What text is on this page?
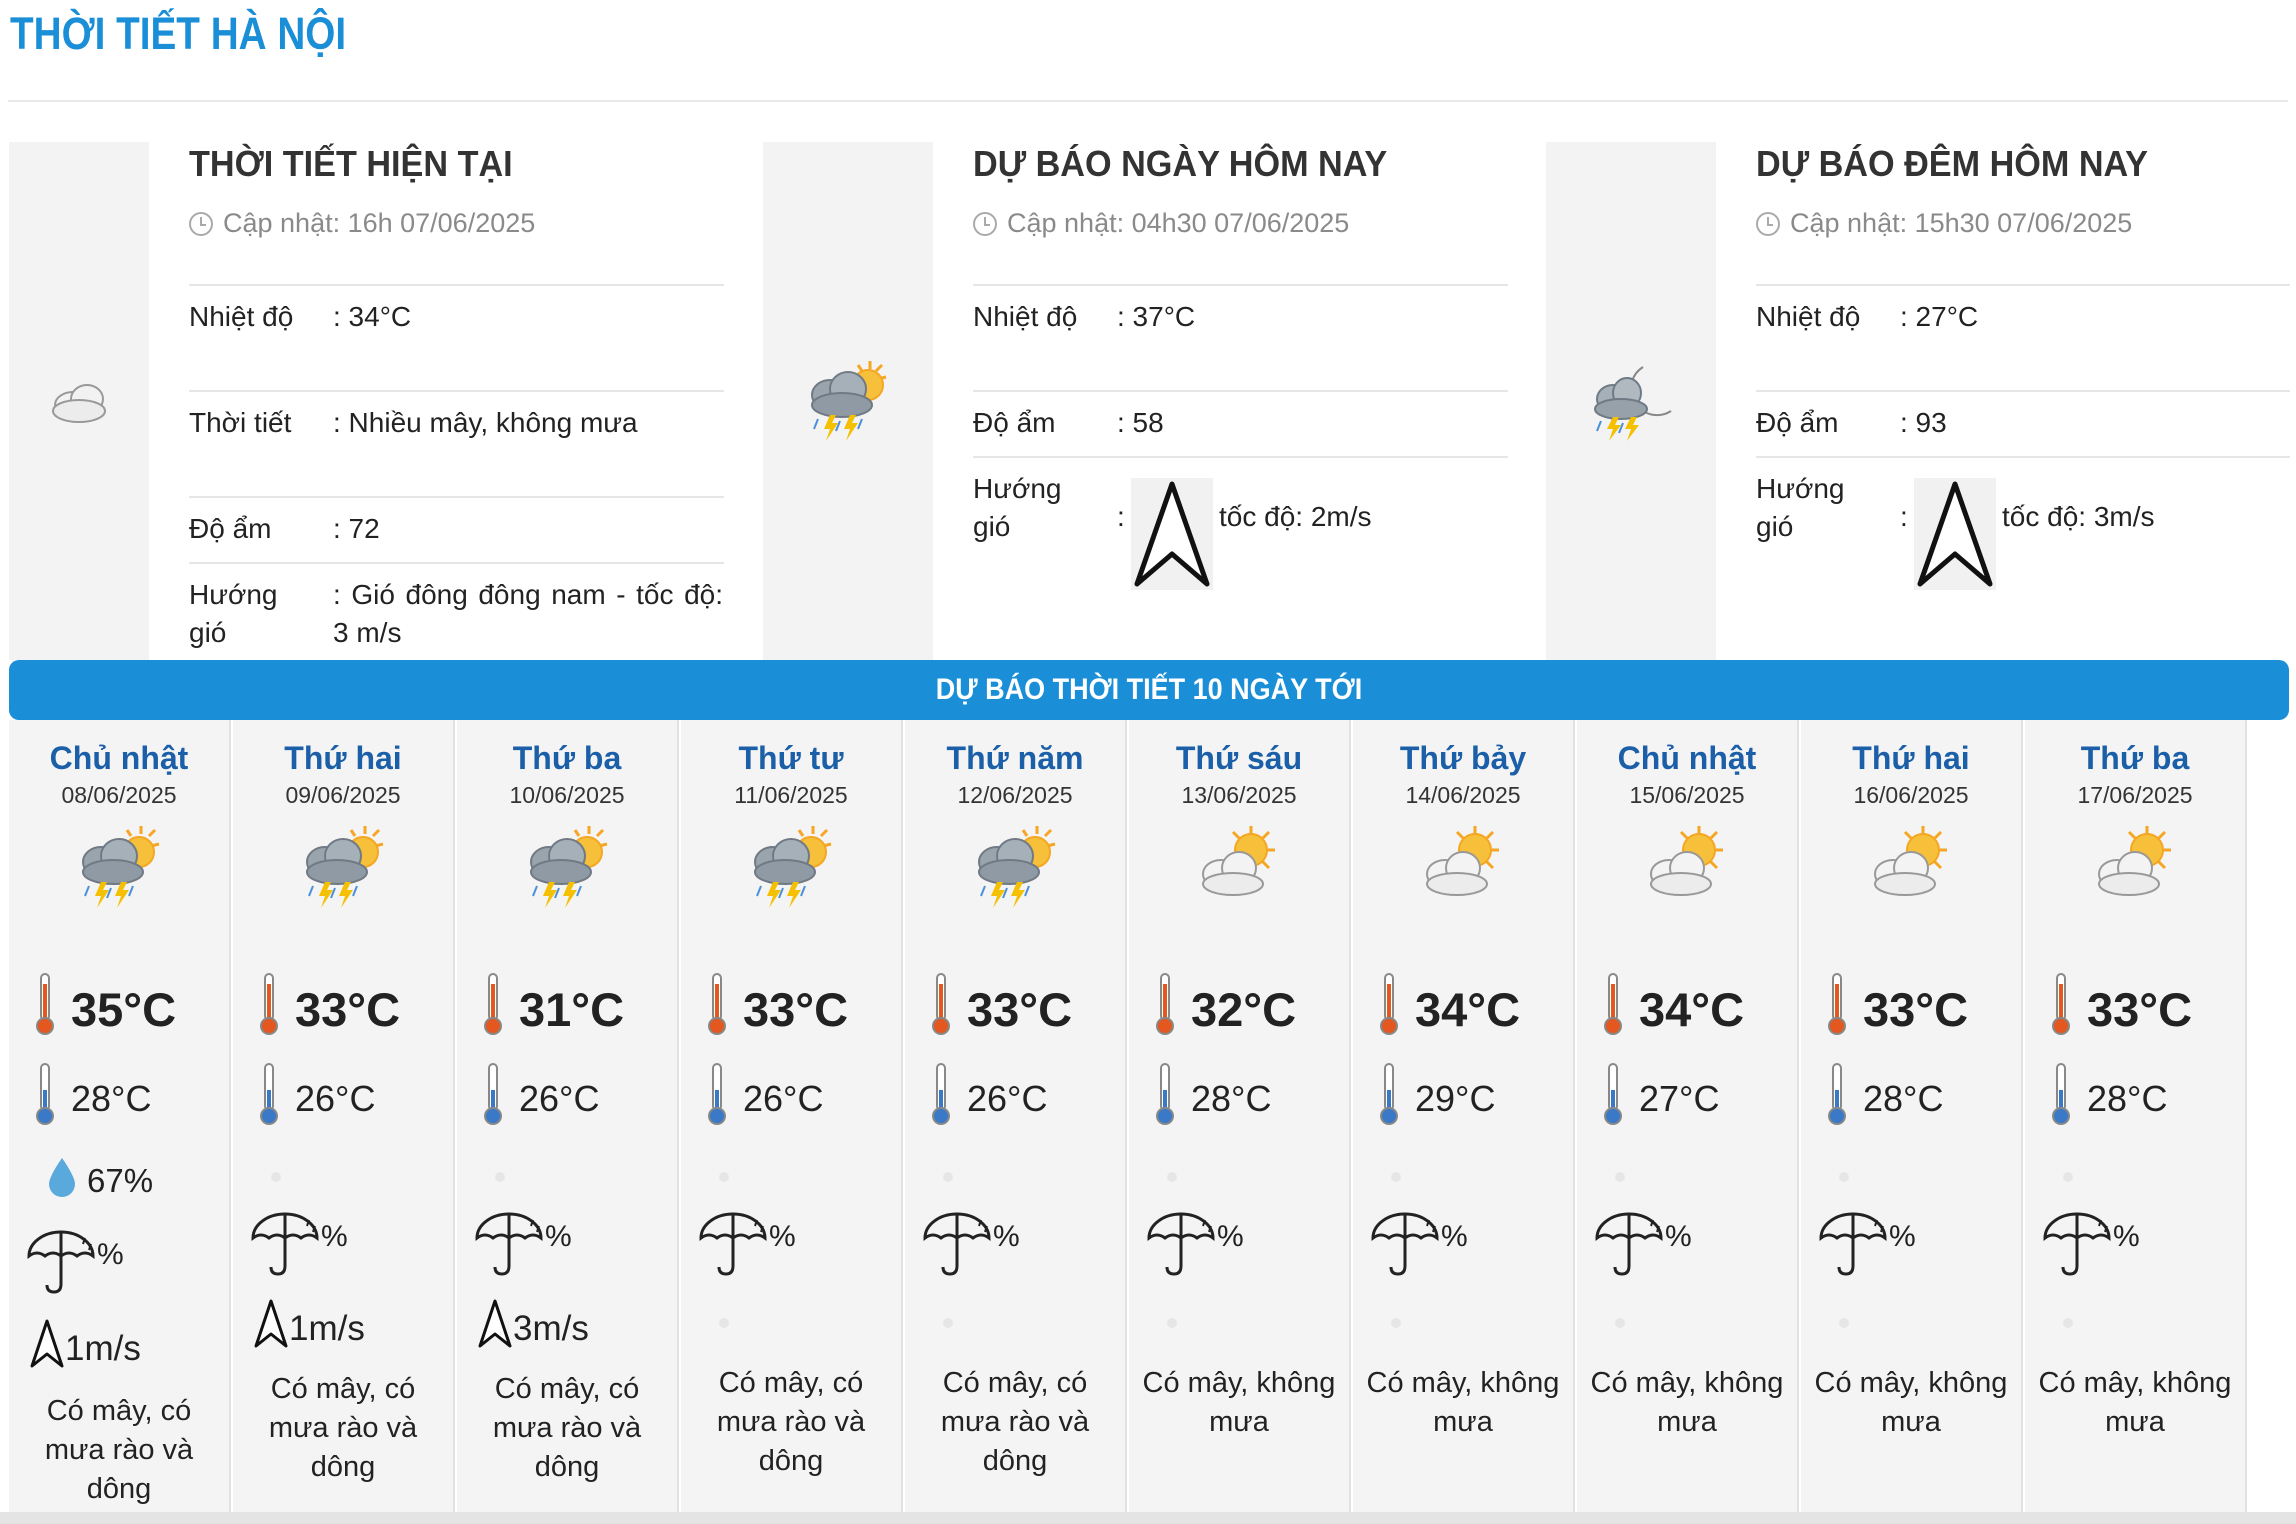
THỜI TIẾT HÀ NỘI
THỜI TIẾT HIỆN TẠI
Cập nhật: 16h 07/06/2025
Nhiệt độ	: 34°C
Thời tiết	: Nhiều mây, không mưa
Độ ẩm	: 72
Hướng gió
: Gió đông đông nam - tốc độ: 3 m/s
DỰ BÁO NGÀY HÔM NAY
Cập nhật: 04h30 07/06/2025
Nhiệt độ	: 37°C
Độ ẩm	: 58
Hướng gió	:	tốc độ: 2m/s
DỰ BÁO ĐÊM HÔM NAY
Cập nhật: 15h30 07/06/2025
Nhiệt độ	: 27°C
Độ ẩm	: 93
Hướng gió	:	tốc độ: 3m/s
DỰ BÁO THỜI TIẾT 10 NGÀY TỚI
Chủ nhật
08/06/2025
35°C
28°C
67%
%
1m/s
Có mây, có mưa rào và dông
Thứ hai
09/06/2025
33°C
26°C
%
1m/s
Có mây, có mưa rào và dông
Thứ ba
10/06/2025
31°C
26°C
%
3m/s
Có mây, có mưa rào và dông
Thứ tư
11/06/2025
33°C
26°C
%
Có mây, có mưa rào và dông
Thứ năm
12/06/2025
33°C
26°C
%
Có mây, có mưa rào và dông
Thứ sáu
13/06/2025
32°C
28°C
%
Có mây, không mưa
Thứ bảy
14/06/2025
34°C
29°C
%
Có mây, không mưa
Chủ nhật
15/06/2025
34°C
27°C
%
Có mây, không mưa
Thứ hai
16/06/2025
33°C
28°C
%
Có mây, không mưa
Thứ ba
17/06/2025
33°C
28°C
%
Có mây, không mưa
